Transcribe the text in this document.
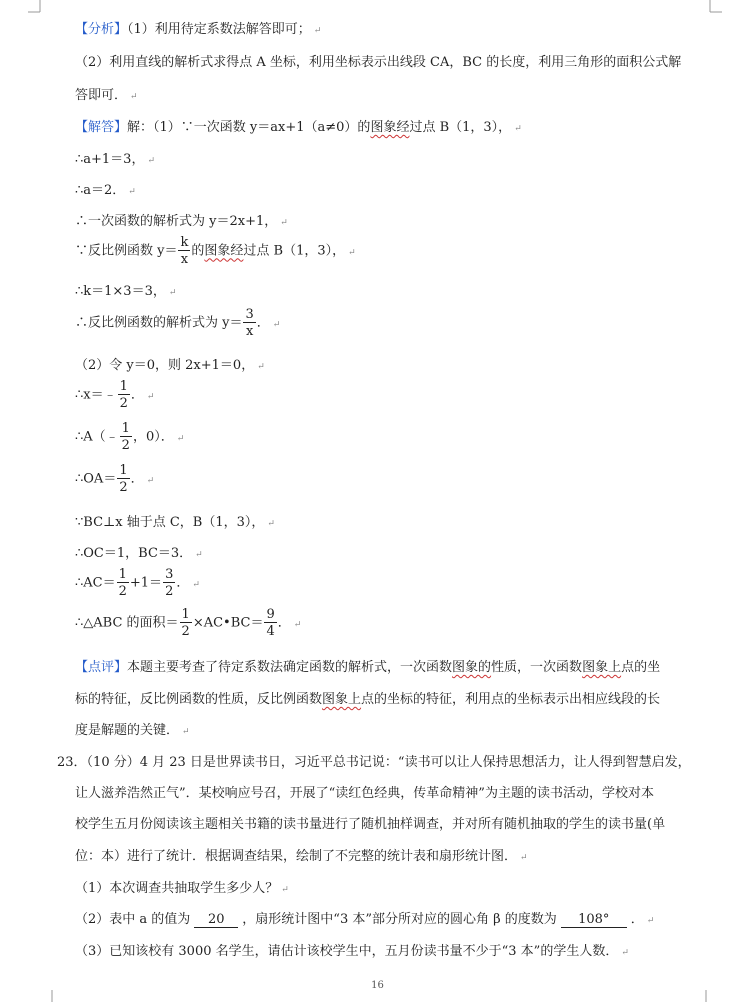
【分析】（1）利用待定系数法解答即可； ↵
（2）利用直线的解析式求得点 A 坐标，利用坐标表示出线段 CA，BC 的长度，利用三角形的面积公式解
答即可． ↵
【解答】解：（1）∵一次函数 y＝ax+1（a≠0）的图象经过点 B（1，3）， ↵
∴a+1＝3， ↵
∴a＝2． ↵
∴一次函数的解析式为 y＝2x+1， ↵
∵反比例函数 $y= \frac{k}{x}$ 的图象经过点 B（1，3）， ↵
∴k＝1×3＝3， ↵
∴反比例函数的解析式为 $y= \frac{3}{x}$ ． ↵
（2）令 y＝0，则 2x+1＝0， ↵
∴x＝﹣ $\frac{1}{2}$ ． ↵
∴A（﹣ $\frac{1}{2}$ ，0）． ↵
∴OA＝ $\frac{1}{2}$ ． ↵
∵BC⊥x 轴于点 C，B（1，3）， ↵
∴OC＝1，BC＝3． ↵
∴AC＝ $\frac{1}{2} +1= \frac{3}{2}$ ． ↵
∴△ABC 的面积＝ $\frac{1}{2}$ ×AC•BC＝ $\frac{9}{4}$ ． ↵
【点评】本题主要考查了待定系数法确定函数的解析式，一次函数图象的性质，一次函数图象上点的坐
标的特征，反比例函数的性质，反比例函数图象上点的坐标的特征，利用点的坐标表示出相应线段的长
度是解题的关键． ↵
23．（10 分）4 月 23 日是世界读书日，习近平总书记说：“读书可以让人保持思想活力，让人得到智慧启发，
让人滋养浩然正气”．某校响应号召，开展了“读红色经典，传革命精神”为主题的读书活动，学校对本
校学生五月份阅读该主题相关书籍的读书量进行了随机抽样调查，并对所有随机抽取的学生的读书量(单
位：本）进行了统计．根据调查结果，绘制了不完整的统计表和扇形统计图． ↵
（1）本次调查共抽取学生多少人？ ↵
（2）表中 a 的值为 20 ，扇形统计图中“3 本”部分所对应的圆心角 β 的度数为 108° ． ↵
（3）已知该校有 3000 名学生，请估计该校学生中，五月份读书量不少于“3 本”的学生人数． ↵
16
